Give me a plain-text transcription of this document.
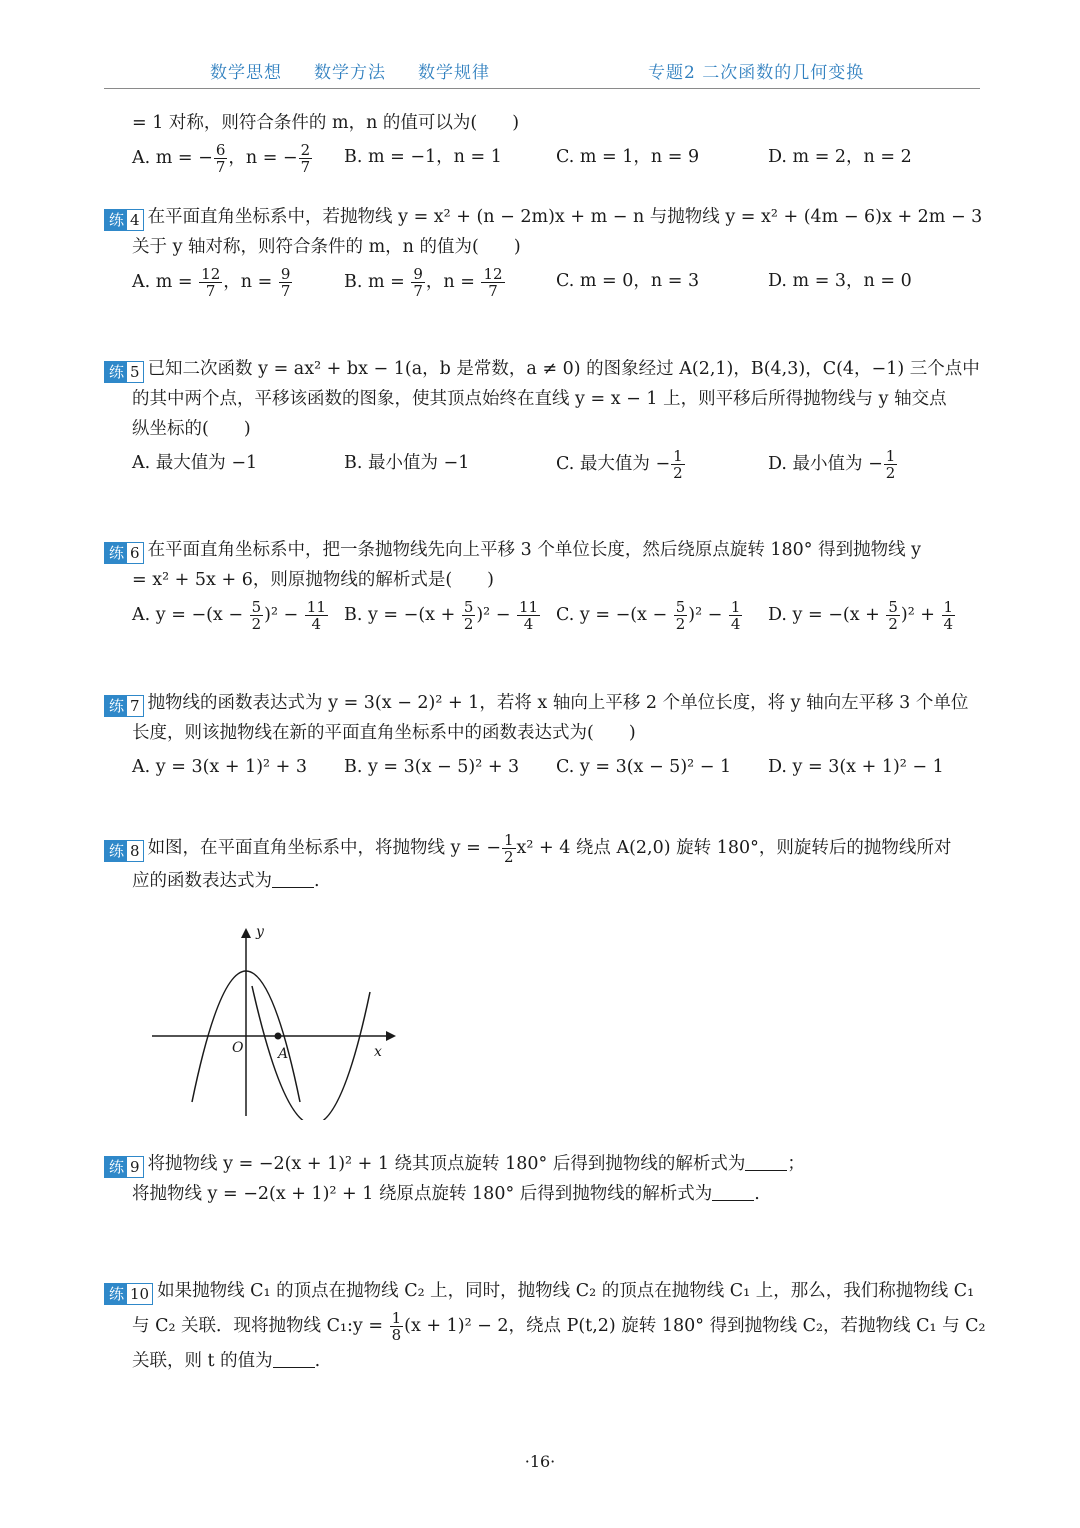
数学思想 数学方法 数学规律	专题2 二次函数的几何变换
= 1 对称，则符合条件的 m，n 的值可以为(　　)
A. m = − $\frac{6}{7}$ ，n = − $\frac{2}{7} B$. m = −1，n = 1	C. m = 1，n = 9	D. m = 2，n = 2
练 4 在平面直角坐标系中，若抛物线 y = x² + (n − 2m)x + m − n 与抛物线 y = x² + (4m − 6)x + 2m − 3
关于 y 轴对称，则符合条件的 m，n 的值为(　　)
A. $m = \frac{12}{7}$ ，$n = \frac{9}{7}$	B. $m = \frac{9}{7}$ ，$n = \frac{12}{7}$	C. m = 0，n = 3	D. m = 3，n = 0
练 5 已知二次函数 y = ax² + bx − 1(a，b 是常数，a ≠ 0) 的图象经过 A(2,1)，B(4,3)，C(4，−1) 三个点中
的其中两个点，平移该函数的图象，使其顶点始终在直线 y = x − 1 上，则平移后所得抛物线与 y 轴交点
纵坐标的(　　)
A. 最大值为 −1	B. 最小值为 −1	C. 最大值为 − $\frac{1}{2}$	D. 最小值为 − $\frac{1}{2}$
练 6 在平面直角坐标系中，把一条抛物线先向上平移 3 个单位长度，然后绕原点旋转 180° 得到抛物线 y
= x² + 5x + 6，则原抛物线的解析式是(　　)
A. $y = -(x - \frac{5}{2} )^2 - \frac{11}{4} B$. $y = -(x + \frac{5}{2} )^2 - \frac{11}{4} C$. $y = -(x - \frac{5}{2} )^2 - \frac{1}{4} D$. $y = -(x + \frac{5}{2} )^2 + \frac{1}{4}$
练 7 抛物线的函数表达式为 y = 3(x − 2)² + 1，若将 x 轴向上平移 2 个单位长度，将 y 轴向左平移 3 个单位
长度，则该抛物线在新的平面直角坐标系中的函数表达式为(　　)
A. y = 3(x + 1)² + 3 B. y = 3(x − 5)² + 3 C. y = 3(x − 5)² − 1 D. y = 3(x + 1)² − 1
练 8 如图，在平面直角坐标系中，将抛物线 y = − $\frac{1}{2} x^2 + 4$ 绕点 A(2,0) 旋转 180°，则旋转后的抛物线所对
应的函数表达式为 .
y
x
O A
练 9 将抛物线 y = −2(x + 1)² + 1 绕其顶点旋转 180° 后得到抛物线的解析式为 ；
将抛物线 y = −2(x + 1)² + 1 绕原点旋转 180° 后得到抛物线的解析式为 .
练 10 如果抛物线 C₁ 的顶点在抛物线 C₂ 上，同时，抛物线 C₂ 的顶点在抛物线 C₁ 上，那么，我们称抛物线 C₁
与 C₂ 关联．现将抛物线 C₁:y = $\frac{1}{8} (x + 1)^2 - 2$，绕点 P(t,2) 旋转 180° 得到抛物线 C₂，若抛物线 C₁ 与 C₂
关联，则 t 的值为 .
·16·
